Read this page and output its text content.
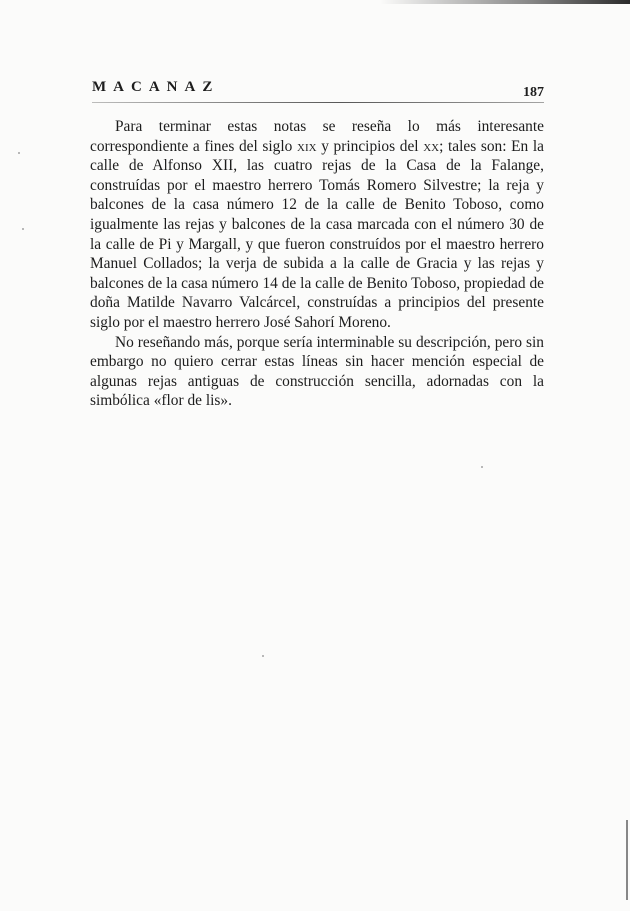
MACANAZ	187

Para terminar estas notas se reseña lo más interesante correspondiente a fines del siglo xix y principios del xx; tales son: En la calle de Alfonso XII, las cuatro rejas de la Casa de la Falange, construídas por el maestro herrero Tomás Romero Silvestre; la reja y balcones de la casa número 12 de la calle de Benito Toboso, como igualmente las rejas y balcones de la casa marcada con el número 30 de la calle de Pi y Margall, y que fueron construídos por el maestro herrero Manuel Collados; la verja de subida a la calle de Gracia y las rejas y balcones de la casa número 14 de la calle de Benito Toboso, propiedad de doña Matilde Navarro Valcárcel, construídas a principios del presente siglo por el maestro herrero José Sahorí Moreno.

No reseñando más, porque sería interminable su descripción, pero sin embargo no quiero cerrar estas líneas sin hacer mención especial de algunas rejas antiguas de construcción sencilla, adornadas con la simbólica «flor de lis».
